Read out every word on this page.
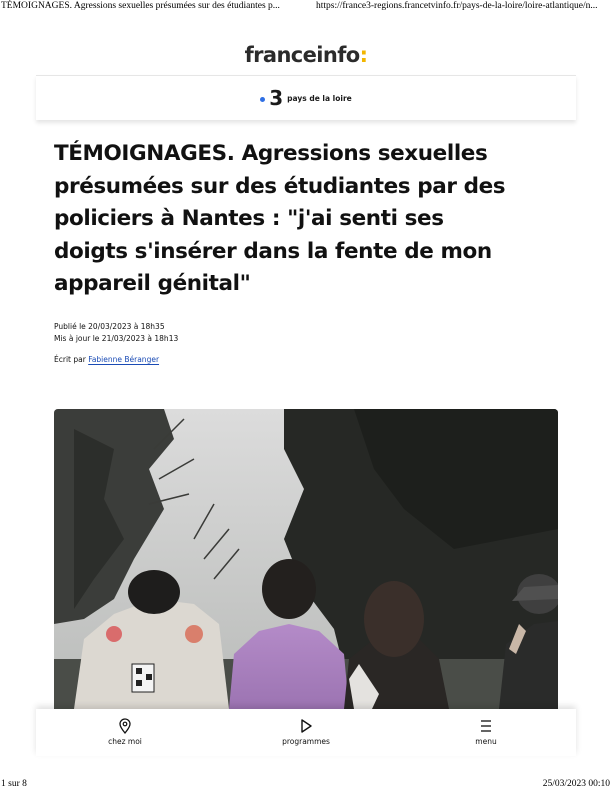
TÉMOIGNAGES. Agressions sexuelles présumées sur des étudiantes p...	https://france3-regions.francetvinfo.fr/pays-de-la-loire/loire-atlantique/n...
franceinfo:
3 pays de la loire
TÉMOIGNAGES. Agressions sexuelles présumées sur des étudiantes par des policiers à Nantes : "j'ai senti ses doigts s'insérer dans la fente de mon appareil génital"
Publié le 20/03/2023 à 18h35
Mis à jour le 21/03/2023 à 18h13
Écrit par Fabienne Béranger
chez moi	programmes	menu
1 sur 8	25/03/2023 00:10
